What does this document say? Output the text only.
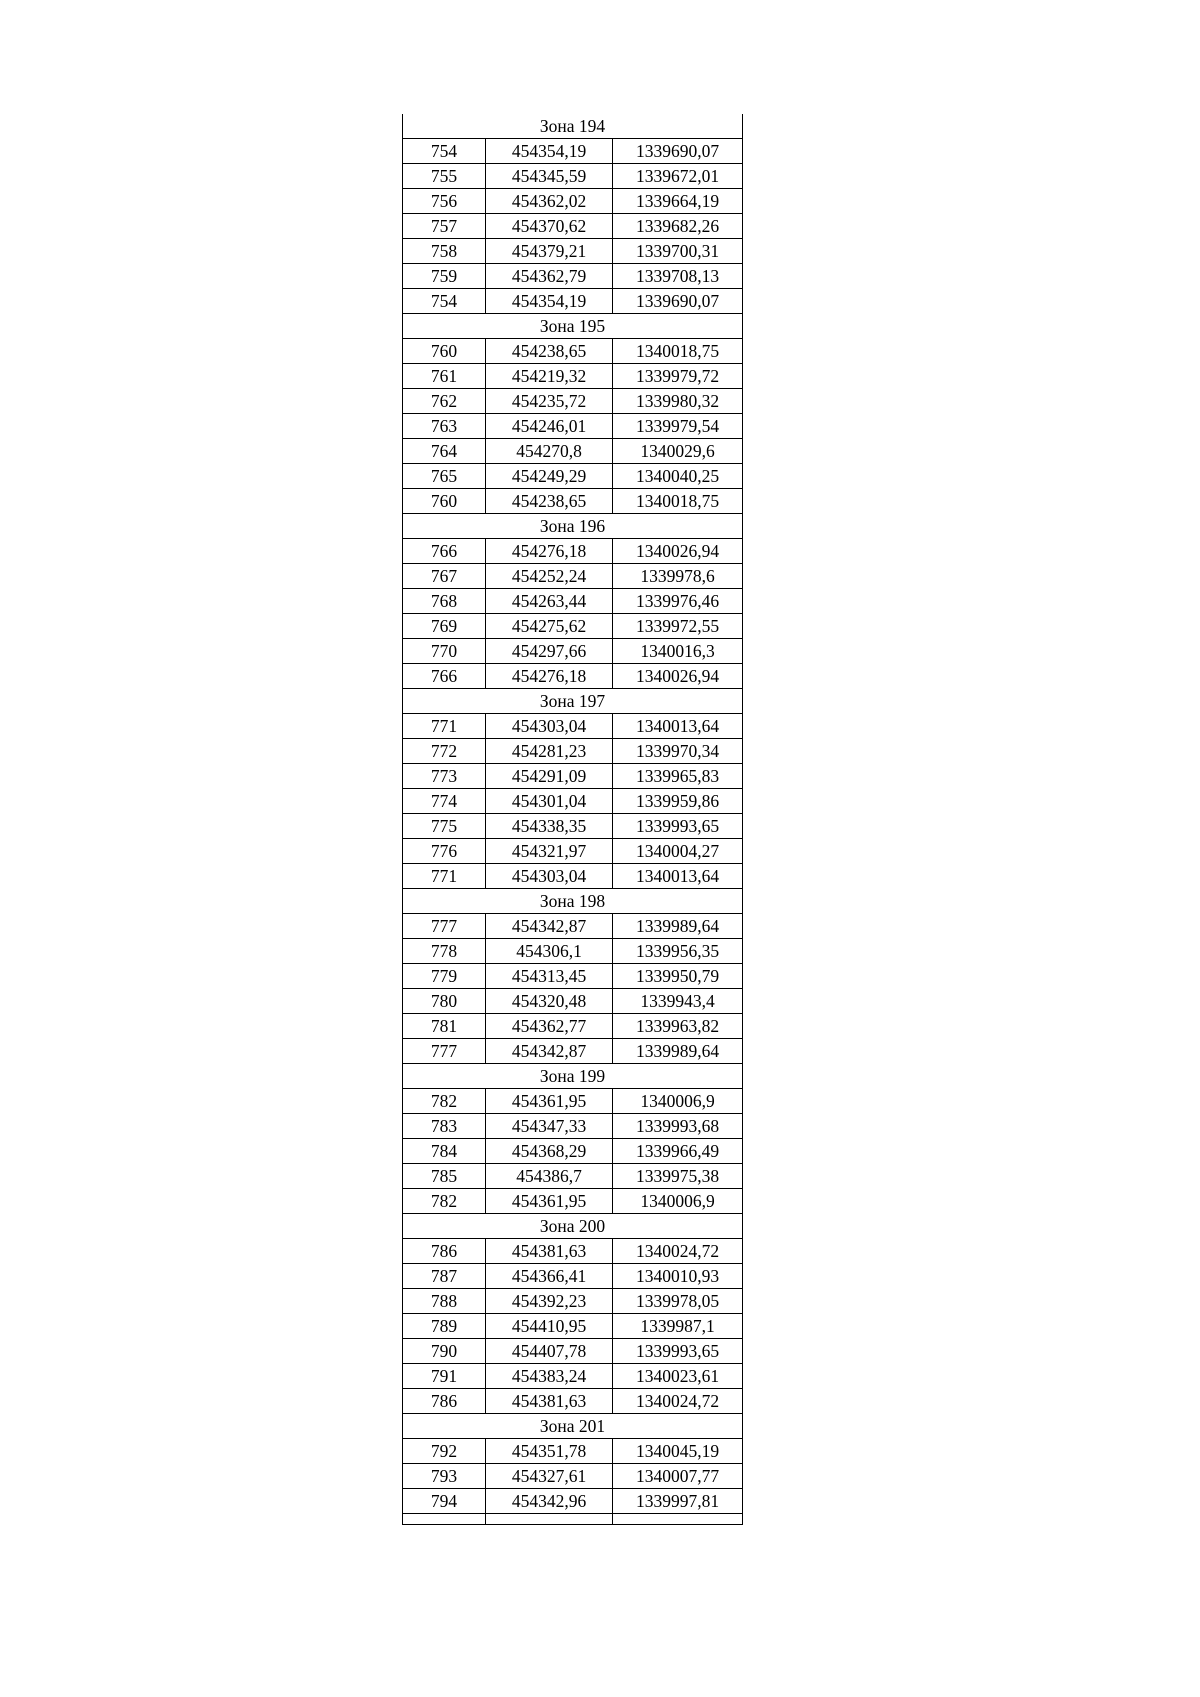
Зона 194		
754	454354,19	1339690,07
755	454345,59	1339672,01
756	454362,02	1339664,19
757	454370,62	1339682,26
758	454379,21	1339700,31
759	454362,79	1339708,13
754	454354,19	1339690,07
Зона 195		
760	454238,65	1340018,75
761	454219,32	1339979,72
762	454235,72	1339980,32
763	454246,01	1339979,54
764	454270,8	1340029,6
765	454249,29	1340040,25
760	454238,65	1340018,75
Зона 196		
766	454276,18	1340026,94
767	454252,24	1339978,6
768	454263,44	1339976,46
769	454275,62	1339972,55
770	454297,66	1340016,3
766	454276,18	1340026,94
Зона 197		
771	454303,04	1340013,64
772	454281,23	1339970,34
773	454291,09	1339965,83
774	454301,04	1339959,86
775	454338,35	1339993,65
776	454321,97	1340004,27
771	454303,04	1340013,64
Зона 198		
777	454342,87	1339989,64
778	454306,1	1339956,35
779	454313,45	1339950,79
780	454320,48	1339943,4
781	454362,77	1339963,82
777	454342,87	1339989,64
Зона 199		
782	454361,95	1340006,9
783	454347,33	1339993,68
784	454368,29	1339966,49
785	454386,7	1339975,38
782	454361,95	1340006,9
Зона 200		
786	454381,63	1340024,72
787	454366,41	1340010,93
788	454392,23	1339978,05
789	454410,95	1339987,1
790	454407,78	1339993,65
791	454383,24	1340023,61
786	454381,63	1340024,72
Зона 201		
792	454351,78	1340045,19
793	454327,61	1340007,77
794	454342,96	1339997,81
